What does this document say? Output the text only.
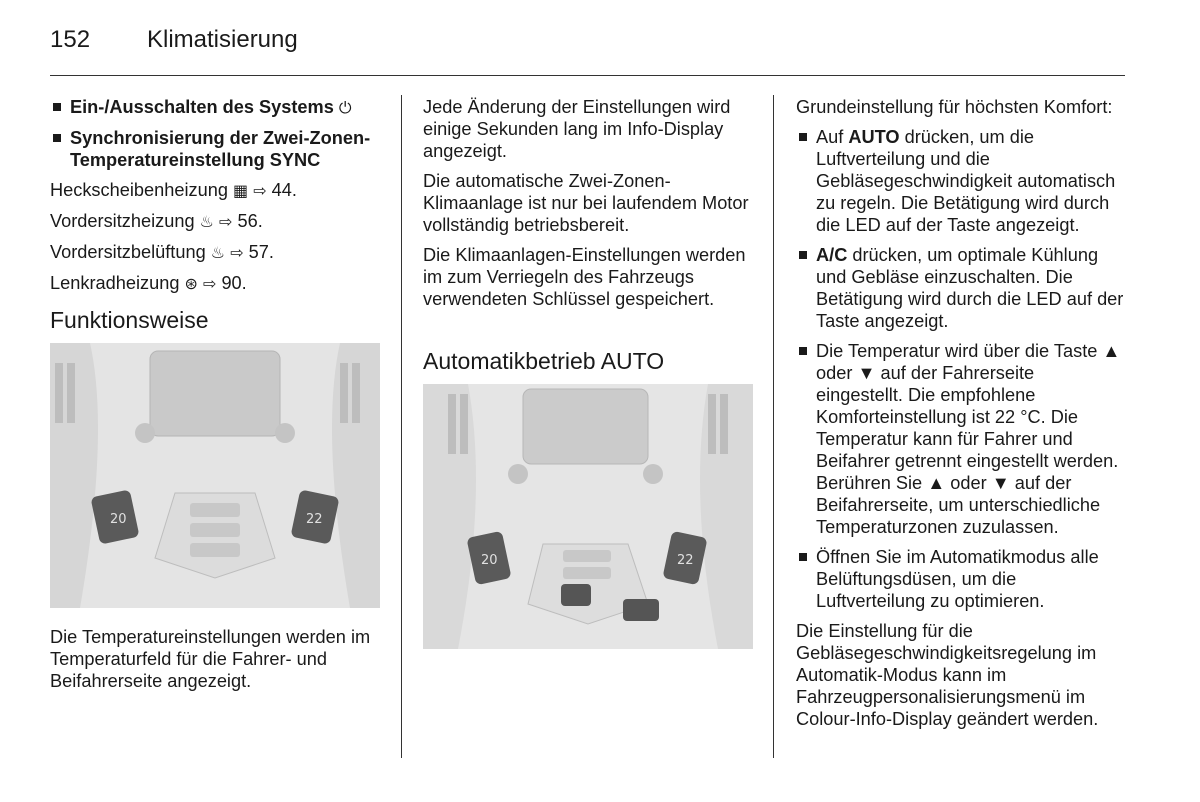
152 Klimatisierung
Ein-/Ausschalten des Systems ⏻
Synchronisierung der Zwei-Zonen-Temperatureinstellung SYNC
Heckscheibenheizung ▦ ⇨ 44.
Vordersitzheizung ♨ ⇨ 56.
Vordersitzbelüftung ♨ ⇨ 57.
Lenkradheizung ⊛ ⇨ 90.
Funktionsweise
20	22

Die Temperatureinstellungen werden im Temperaturfeld für die Fahrer- und Beifahrerseite angezeigt.

Jede Änderung der Einstellungen wird einige Sekunden lang im Info-Display angezeigt.

Die automatische Zwei-Zonen-Klimaanlage ist nur bei laufendem Motor vollständig betriebsbereit.

Die Klimaanlagen-Einstellungen werden im zum Verriegeln des Fahrzeugs verwendeten Schlüssel gespeichert.

Automatikbetrieb AUTO
20	22

Grundeinstellung für höchsten Komfort:

Auf AUTO drücken, um die Luftverteilung und die Gebläsegeschwindigkeit automatisch zu regeln. Die Betätigung wird durch die LED auf der Taste angezeigt.
A/C drücken, um optimale Kühlung und Gebläse einzuschalten. Die Betätigung wird durch die LED auf der Taste angezeigt.
Die Temperatur wird über die Taste ▲ oder ▼ auf der Fahrerseite eingestellt. Die empfohlene Komforteinstellung ist 22 °C. Die Temperatur kann für Fahrer und Beifahrer getrennt eingestellt werden. Berühren Sie ▲ oder ▼ auf der Beifahrerseite, um unterschiedliche Temperaturzonen zuzulassen.
Öffnen Sie im Automatikmodus alle Belüftungsdüsen, um die Luftverteilung zu optimieren.

Die Einstellung für die Gebläsegeschwindigkeitsregelung im Automatik-Modus kann im Fahrzeugpersonalisierungsmenü im Colour-Info-Display geändert werden.
